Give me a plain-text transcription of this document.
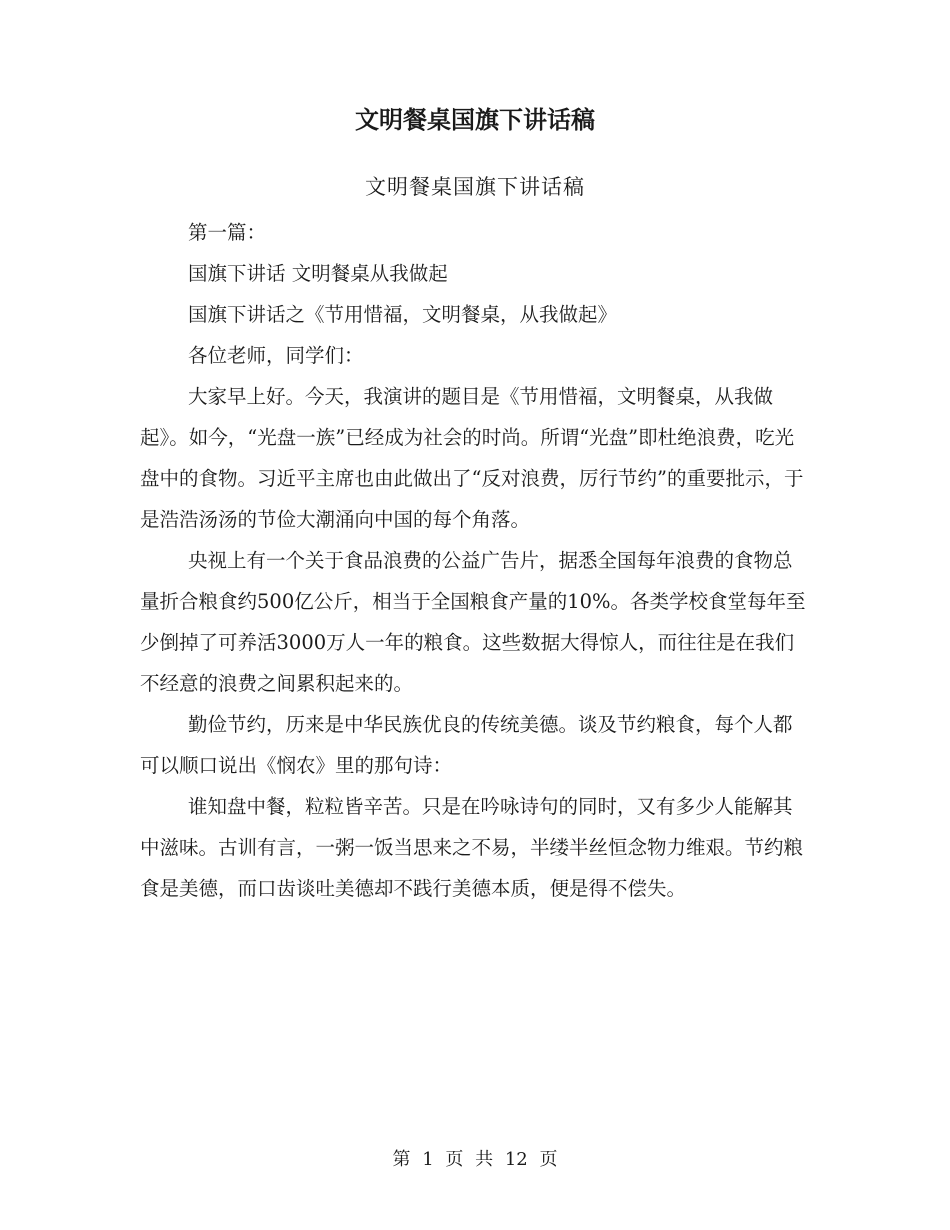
文明餐桌国旗下讲话稿
文明餐桌国旗下讲话稿

第一篇：

国旗下讲话 文明餐桌从我做起

国旗下讲话之《节用惜福，文明餐桌，从我做起》

各位老师，同学们：

大家早上好。今天，我演讲的题目是《节用惜福，文明餐桌，从我做起》。如今，“光盘一族”已经成为社会的时尚。所谓“光盘”即杜绝浪费，吃光盘中的食物。习近平主席也由此做出了“反对浪费，厉行节约”的重要批示，于是浩浩汤汤的节俭大潮涌向中国的每个角落。

央视上有一个关于食品浪费的公益广告片，据悉全国每年浪费的食物总量折合粮食约500亿公斤，相当于全国粮食产量的10%。各类学校食堂每年至少倒掉了可养活3000万人一年的粮食。这些数据大得惊人，而往往是在我们不经意的浪费之间累积起来的。

勤俭节约，历来是中华民族优良的传统美德。谈及节约粮食，每个人都可以顺口说出《悯农》里的那句诗：

谁知盘中餐，粒粒皆辛苦。只是在吟咏诗句的同时，又有多少人能解其中滋味。古训有言，一粥一饭当思来之不易，半缕半丝恒念物力维艰。节约粮食是美德，而口齿谈吐美德却不践行美德本质，便是得不偿失。

第 1 页 共 12 页
